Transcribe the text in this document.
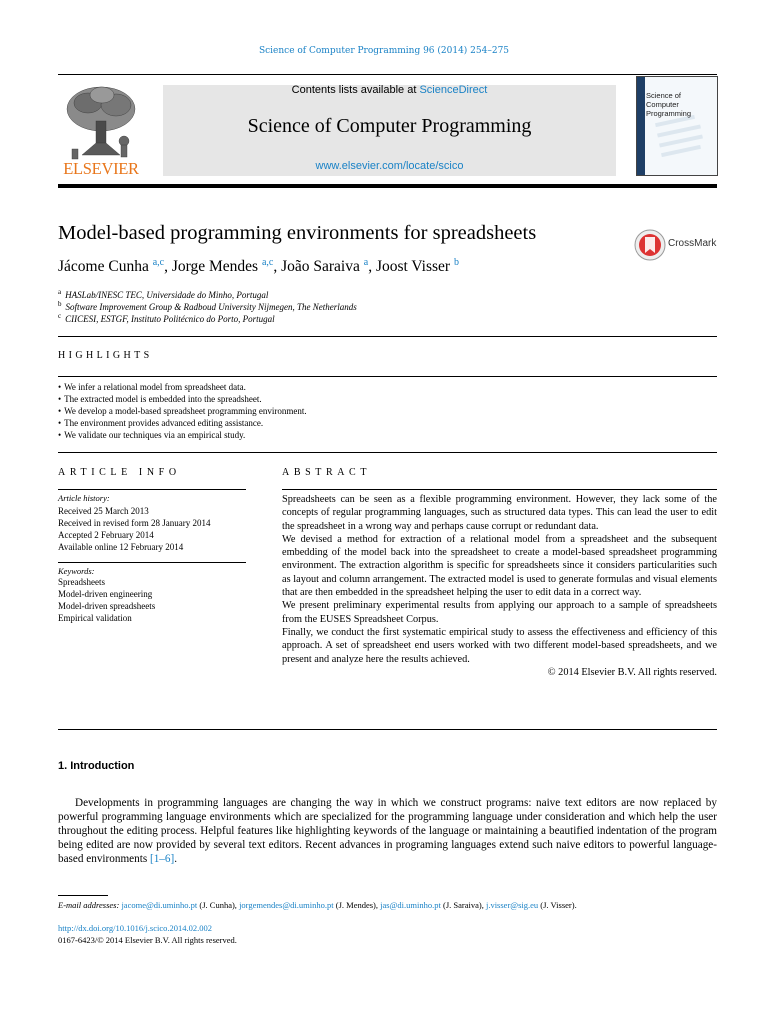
Science of Computer Programming 96 (2014) 254–275
ELSEVIER
Contents lists available at ScienceDirect
Science of Computer Programming
www.elsevier.com/locate/scico
Science of Computer Programming
Model-based programming environments for spreadsheets	CrossMark
Jácome Cunha $^{a,c}$, Jorge Mendes $^{a,c}$, João Saraiva $^a$, Joost Visser $^b$
$^a$ HASLab/INESC TEC, Universidade do Minho, Portugal
$^b$ Software Improvement Group & Radboud University Nijmegen, The Netherlands
$^c$ CIICESI, ESTGF, Instituto Politécnico do Porto, Portugal
HIGHLIGHTS
• We infer a relational model from spreadsheet data.
• The extracted model is embedded into the spreadsheet.
• We develop a model-based spreadsheet programming environment.
• The environment provides advanced editing assistance.
• We validate our techniques via an empirical study.
ARTICLE INFO
Article history:
Received 25 March 2013
Received in revised form 28 January 2014
Accepted 2 February 2014
Available online 12 February 2014
Keywords:
Spreadsheets
Model-driven engineering
Model-driven spreadsheets
Empirical validation
ABSTRACT

Spreadsheets can be seen as a flexible programming environment. However, they lack some of the concepts of regular programming languages, such as structured data types. This can lead the user to edit the spreadsheet in a wrong way and perhaps cause corrupt or redundant data.

We devised a method for extraction of a relational model from a spreadsheet and the subsequent embedding of the model back into the spreadsheet to create a model-based spreadsheet programming environment. The extraction algorithm is specific for spreadsheets since it considers particularities such as layout and column arrangement. The extracted model is used to generate formulas and visual elements that are then embedded in the spreadsheet helping the user to edit data in a correct way.

We present preliminary experimental results from applying our approach to a sample of spreadsheets from the EUSES Spreadsheet Corpus.

Finally, we conduct the first systematic empirical study to assess the effectiveness and efficiency of this approach. A set of spreadsheet end users worked with two different model-based spreadsheets, and we present and analyze here the results achieved.

© 2014 Elsevier B.V. All rights reserved.

1. Introduction
Developments in programming languages are changing the way in which we construct programs: naive text editors are now replaced by powerful programming language environments which are specialized for the programming language under consideration and which help the user throughout the editing process. Helpful features like highlighting keywords of the language or maintaining a beautified indentation of the program being edited are now provided by several text editors. Recent advances in programing languages extend such naive editors to powerful language-based environments [1–6].
E-mail addresses: jacome@di.uminho.pt (J. Cunha), jorgemendes@di.uminho.pt (J. Mendes), jas@di.uminho.pt (J. Saraiva), j.visser@sig.eu (J. Visser).
http://dx.doi.org/10.1016/j.scico.2014.02.002
0167-6423/© 2014 Elsevier B.V. All rights reserved.
